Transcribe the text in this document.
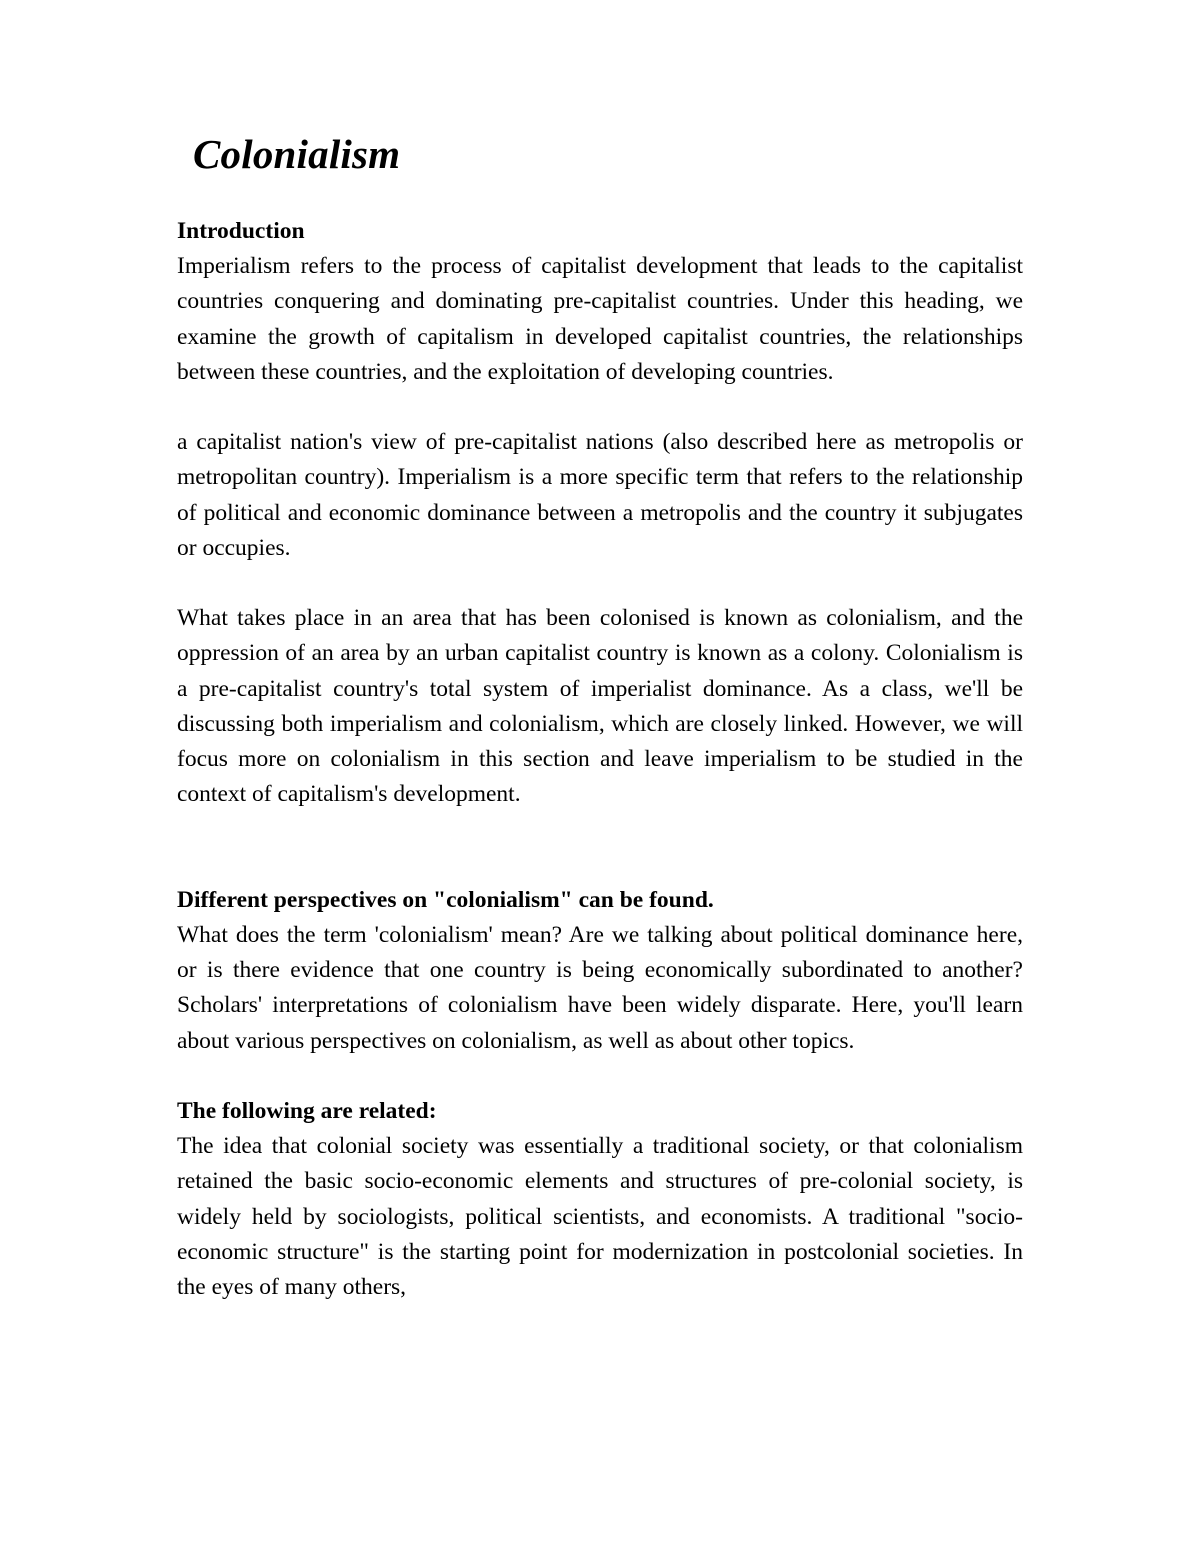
Colonialism
Introduction

Imperialism refers to the process of capitalist development that leads to the capitalist countries conquering and dominating pre-capitalist countries. Under this heading, we examine the growth of capitalism in developed capitalist countries, the relationships between these countries, and the exploitation of developing countries.

a capitalist nation's view of pre-capitalist nations (also described here as metropolis or metropolitan country). Imperialism is a more specific term that refers to the relationship of political and economic dominance between a metropolis and the country it subjugates or occupies.

What takes place in an area that has been colonised is known as colonialism, and the oppression of an area by an urban capitalist country is known as a colony. Colonialism is a pre-capitalist country's total system of imperialist dominance. As a class, we'll be discussing both imperialism and colonialism, which are closely linked. However, we will focus more on colonialism in this section and leave imperialism to be studied in the context of capitalism's development.

Different perspectives on "colonialism" can be found.

What does the term 'colonialism' mean? Are we talking about political dominance here, or is there evidence that one country is being economically subordinated to another? Scholars' interpretations of colonialism have been widely disparate. Here, you'll learn about various perspectives on colonialism, as well as about other topics.

The following are related:

The idea that colonial society was essentially a traditional society, or that colonialism retained the basic socio-economic elements and structures of pre-colonial society, is widely held by sociologists, political scientists, and economists. A traditional "socio-economic structure" is the starting point for modernization in postcolonial societies. In the eyes of many others,
